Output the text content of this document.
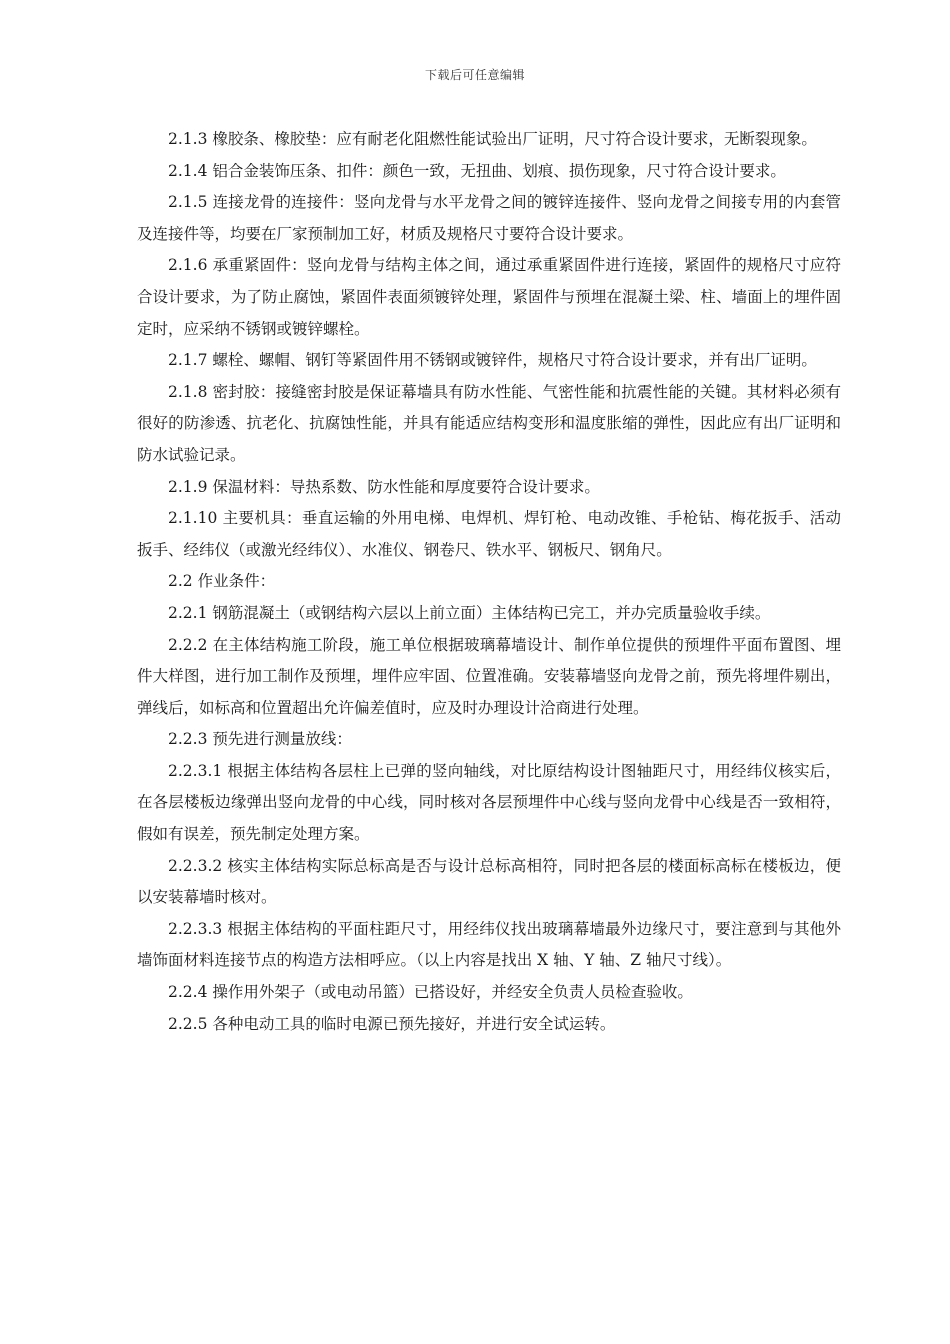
下载后可任意编辑

2.1.3 橡胶条、橡胶垫：应有耐老化阻燃性能试验出厂证明，尺寸符合设计要求，无断裂现象。

2.1.4 铝合金装饰压条、扣件：颜色一致，无扭曲、划痕、损伤现象，尺寸符合设计要求。

2.1.5 连接龙骨的连接件：竖向龙骨与水平龙骨之间的镀锌连接件、竖向龙骨之间接专用的内套管及连接件等，均要在厂家预制加工好，材质及规格尺寸要符合设计要求。

2.1.6 承重紧固件：竖向龙骨与结构主体之间，通过承重紧固件进行连接，紧固件的规格尺寸应符合设计要求，为了防止腐蚀，紧固件表面须镀锌处理，紧固件与预埋在混凝土梁、柱、墙面上的埋件固定时，应采纳不锈钢或镀锌螺栓。

2.1.7 螺栓、螺帽、钢钉等紧固件用不锈钢或镀锌件，规格尺寸符合设计要求，并有出厂证明。

2.1.8 密封胶：接缝密封胶是保证幕墙具有防水性能、气密性能和抗震性能的关键。其材料必须有很好的防渗透、抗老化、抗腐蚀性能，并具有能适应结构变形和温度胀缩的弹性，因此应有出厂证明和防水试验记录。

2.1.9 保温材料：导热系数、防水性能和厚度要符合设计要求。

2.1.10 主要机具：垂直运输的外用电梯、电焊机、焊钉枪、电动改锥、手枪钻、梅花扳手、活动扳手、经纬仪（或激光经纬仪）、水准仪、钢卷尺、铁水平、钢板尺、钢角尺。

2.2 作业条件：

2.2.1 钢筋混凝土（或钢结构六层以上前立面）主体结构已完工，并办完质量验收手续。

2.2.2 在主体结构施工阶段，施工单位根据玻璃幕墙设计、制作单位提供的预埋件平面布置图、埋件大样图，进行加工制作及预埋，埋件应牢固、位置准确。安装幕墙竖向龙骨之前，预先将埋件剔出，弹线后，如标高和位置超出允许偏差值时，应及时办理设计洽商进行处理。

2.2.3 预先进行测量放线：

2.2.3.1 根据主体结构各层柱上已弹的竖向轴线，对比原结构设计图轴距尺寸，用经纬仪核实后，在各层楼板边缘弹出竖向龙骨的中心线，同时核对各层预埋件中心线与竖向龙骨中心线是否一致相符，假如有误差，预先制定处理方案。

2.2.3.2 核实主体结构实际总标高是否与设计总标高相符，同时把各层的楼面标高标在楼板边，便以安装幕墙时核对。

2.2.3.3 根据主体结构的平面柱距尺寸，用经纬仪找出玻璃幕墙最外边缘尺寸，要注意到与其他外墙饰面材料连接节点的构造方法相呼应。（以上内容是找出 X 轴、Y 轴、Z 轴尺寸线）。

2.2.4 操作用外架子（或电动吊篮）已搭设好，并经安全负责人员检查验收。

2.2.5 各种电动工具的临时电源已预先接好，并进行安全试运转。
